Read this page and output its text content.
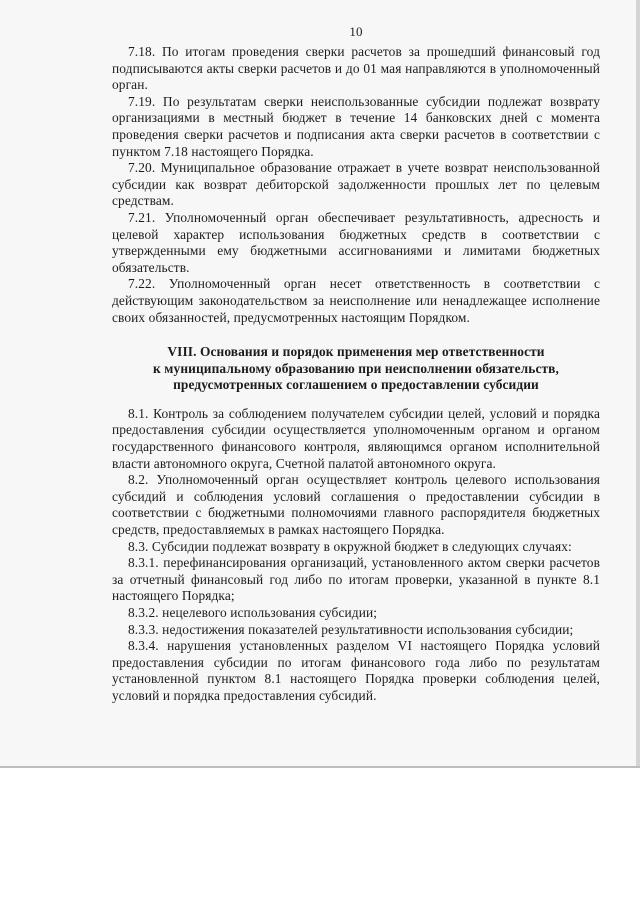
10

7.18. По итогам проведения сверки расчетов за прошедший финансовый год подписываются акты сверки расчетов и до 01 мая направляются в уполномоченный орган.

7.19. По результатам сверки неиспользованные субсидии подлежат возврату организациями в местный бюджет в течение 14 банковских дней с момента проведения сверки расчетов и подписания акта сверки расчетов в соответствии с пунктом 7.18 настоящего Порядка.

7.20. Муниципальное образование отражает в учете возврат неиспользованной субсидии как возврат дебиторской задолженности прошлых лет по целевым средствам.

7.21. Уполномоченный орган обеспечивает результативность, адресность и целевой характер использования бюджетных средств в соответствии с утвержденными ему бюджетными ассигнованиями и лимитами бюджетных обязательств.

7.22. Уполномоченный орган несет ответственность в соответствии с действующим законодательством за неисполнение или ненадлежащее исполнение своих обязанностей, предусмотренных настоящим Порядком.

VIII. Основания и порядок применения мер ответственности
к муниципальному образованию при неисполнении обязательств,
предусмотренных соглашением о предоставлении субсидии

8.1. Контроль за соблюдением получателем субсидии целей, условий и порядка предоставления субсидии осуществляется уполномоченным органом и органом государственного финансового контроля, являющимся органом исполнительной власти автономного округа, Счетной палатой автономного округа.

8.2. Уполномоченный орган осуществляет контроль целевого использования субсидий и соблюдения условий соглашения о предоставлении субсидии в соответствии с бюджетными полномочиями главного распорядителя бюджетных средств, предоставляемых в рамках настоящего Порядка.

8.3. Субсидии подлежат возврату в окружной бюджет в следующих случаях:

8.3.1. перефинансирования организаций, установленного актом сверки расчетов за отчетный финансовый год либо по итогам проверки, указанной в пункте 8.1 настоящего Порядка;

8.3.2. нецелевого использования субсидии;

8.3.3. недостижения показателей результативности использования субсидии;

8.3.4. нарушения установленных разделом VI настоящего Порядка условий предоставления субсидии по итогам финансового года либо по результатам установленной пунктом 8.1 настоящего Порядка проверки соблюдения целей, условий и порядка предоставления субсидий.
